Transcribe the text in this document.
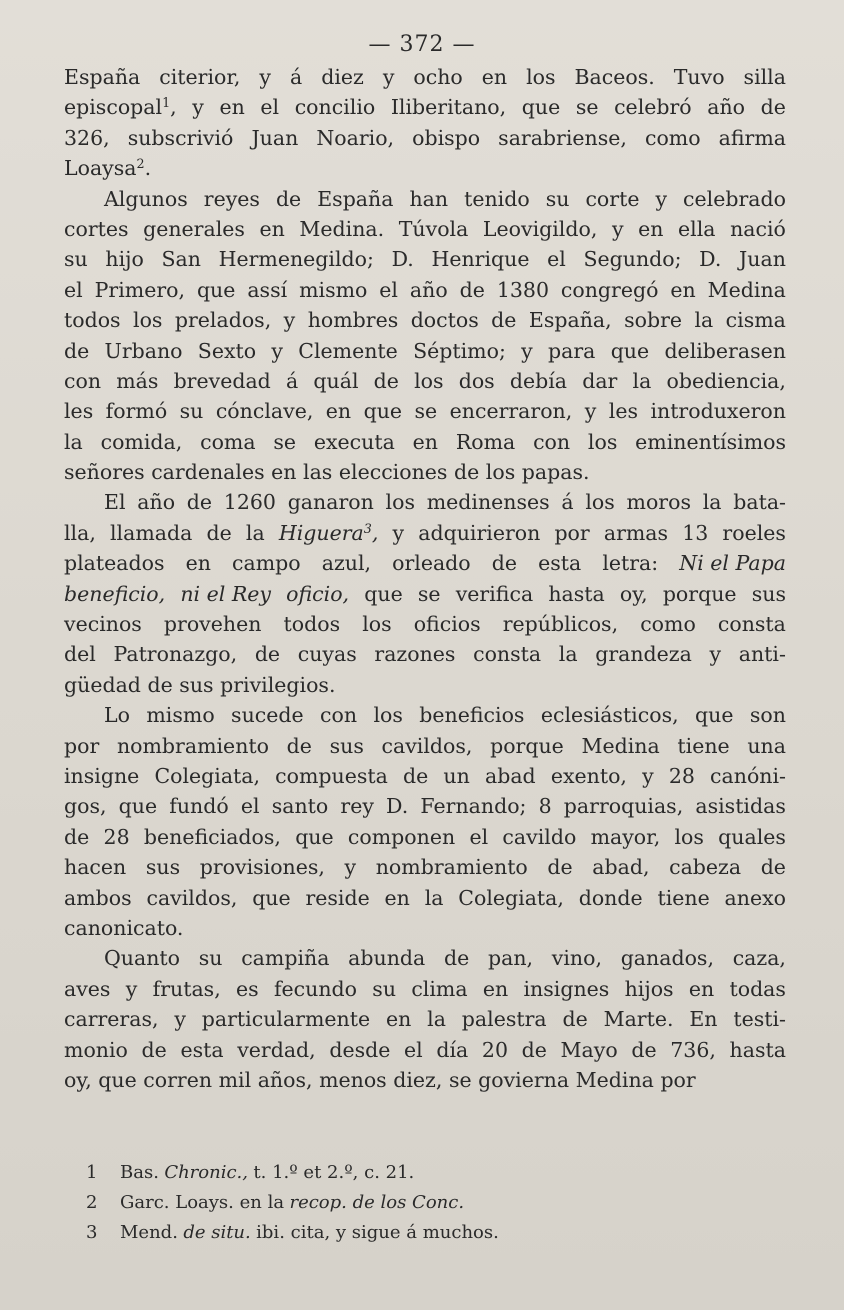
— 372 —
España citerior, y á diez y ocho en los Baceos. Tuvo silla
episcopal$^1$, y en el concilio Iliberitano, que se celebró año de
326, subscrivió Juan Noario, obispo sarabriense, como afirma
Loaysa$^2$.
Algunos reyes de España han tenido su corte y celebrado
cortes generales en Medina. Túvola Leovigildo, y en ella nació
su hijo San Hermenegildo; D. Henrique el Segundo; D. Juan
el Primero, que assí mismo el año de 1380 congregó en Medina
todos los prelados, y hombres doctos de España, sobre la cisma
de Urbano Sexto y Clemente Séptimo; y para que deliberasen
con más brevedad á quál de los dos debía dar la obediencia,
les formó su cónclave, en que se encerraron, y les introduxeron
la comida, coma se executa en Roma con los eminentísimos
señores cardenales en las elecciones de los papas.
El año de 1260 ganaron los medinenses á los moros la bata-
lla, llamada de la Higuera$^3$, y adquirieron por armas 13 roeles
plateados en campo azul, orleado de esta letra: Ni el Papa
beneficio, ni el Rey oficio, que se verifica hasta oy, porque sus
vecinos provehen todos los oficios repúblicos, como consta
del Patronazgo, de cuyas razones consta la grandeza y anti-
güedad de sus privilegios.
Lo mismo sucede con los beneficios eclesiásticos, que son
por nombramiento de sus cavildos, porque Medina tiene una
insigne Colegiata, compuesta de un abad exento, y 28 canóni-
gos, que fundó el santo rey D. Fernando; 8 parroquias, asistidas
de 28 beneficiados, que componen el cavildo mayor, los quales
hacen sus provisiones, y nombramiento de abad, cabeza de
ambos cavildos, que reside en la Colegiata, donde tiene anexo
canonicato.
Quanto su campiña abunda de pan, vino, ganados, caza,
aves y frutas, es fecundo su clima en insignes hijos en todas
carreras, y particularmente en la palestra de Marte. En testi-
monio de esta verdad, desde el día 20 de Mayo de 736, hasta
oy, que corren mil años, menos diez, se govierna Medina por
1	Bas. Chronic., t. 1.º et 2.º, c. 21.
2	Garc. Loays. en la recop. de los Conc.
3	Mend. de situ. ibi. cita, y sigue á muchos.
